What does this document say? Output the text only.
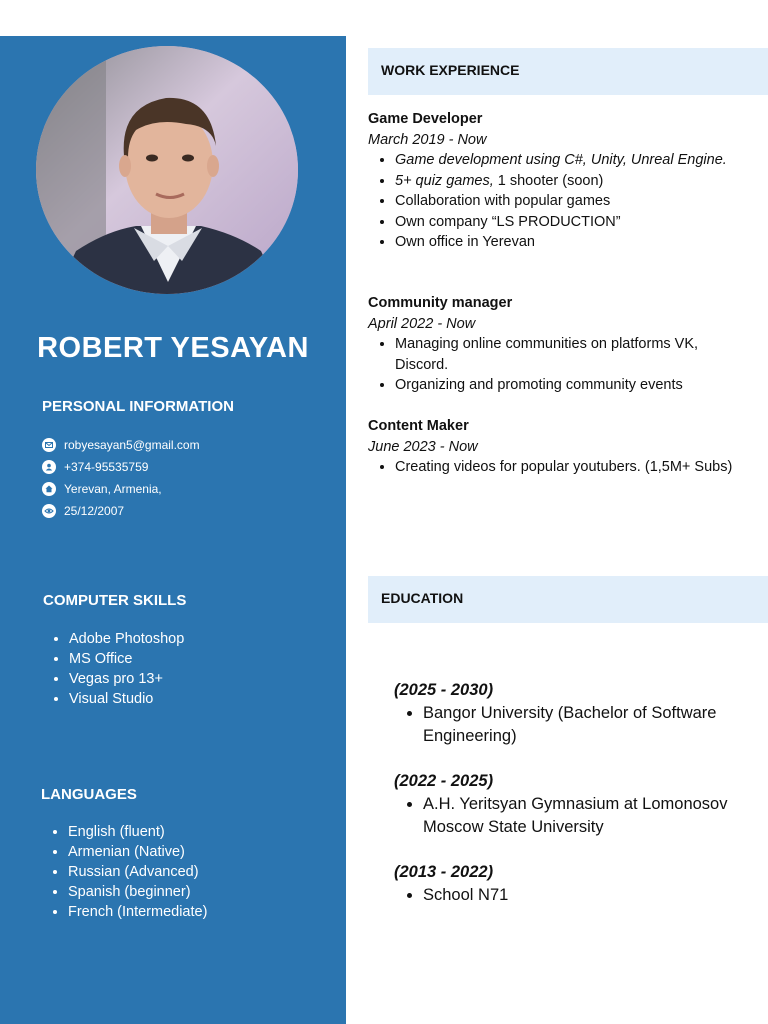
ROBERT YESAYAN
PERSONAL INFORMATION
robyesayan5@gmail.com
+374-95535759
Yerevan, Armenia,
25/12/2007
COMPUTER SKILLS
• Adobe Photoshop
• MS Office
• Vegas pro 13+
• Visual Studio
LANGUAGES
• English (fluent)
• Armenian (Native)
• Russian (Advanced)
• Spanish (beginner)
• French (Intermediate)
WORK EXPERIENCE
Game Developer
March 2019 - Now
• Game development using C#, Unity, Unreal Engine.
• 5+ quiz games, 1 shooter (soon)
• Collaboration with popular games
• Own company “LS PRODUCTION”
• Own office in Yerevan
Community manager
April 2022 - Now
• Managing online communities on platforms VK, Discord.
• Organizing and promoting community events
Content Maker
June 2023 - Now
• Creating videos for popular youtubers. (1,5M+ Subs)
EDUCATION
(2025 - 2030)
• Bangor University (Bachelor of Software Engineering)
(2022 - 2025)
• A.H. Yeritsyan Gymnasium at Lomonosov Moscow State University
(2013 - 2022)
• School N71
